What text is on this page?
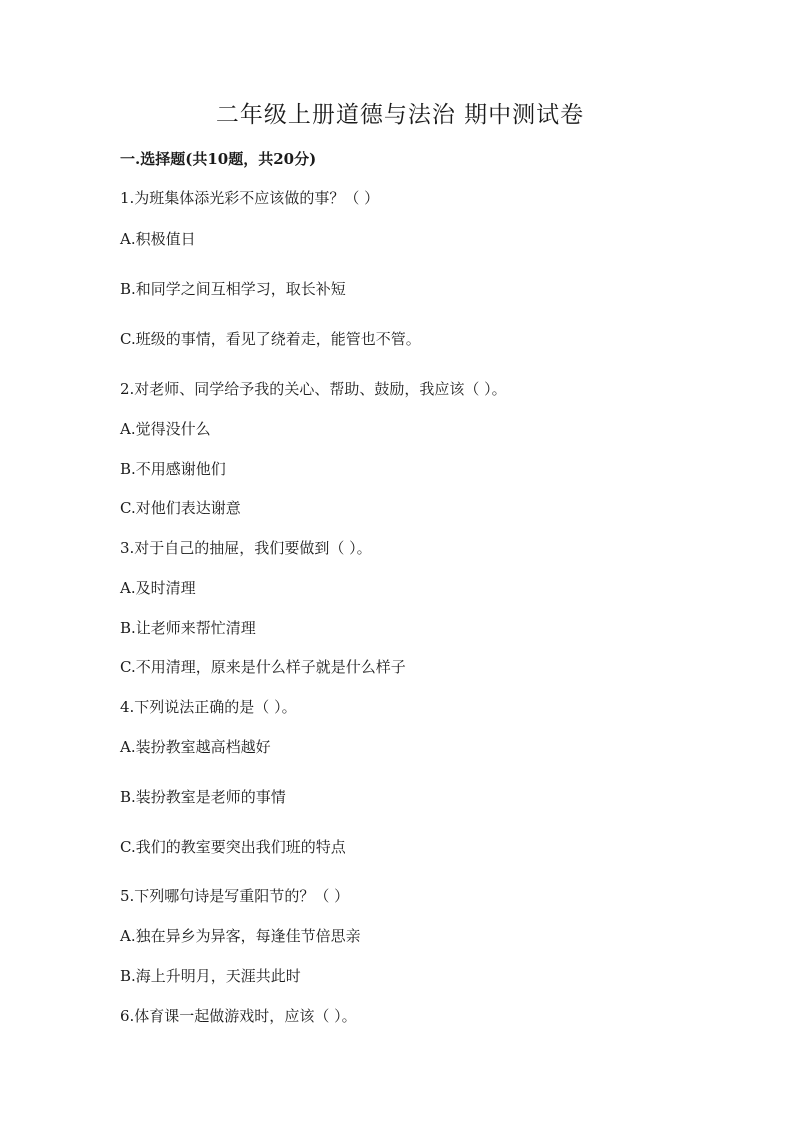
二年级上册道德与法治 期中测试卷
一.选择题(共10题，共20分)
1.为班集体添光彩不应该做的事？（ ）
A.积极值日
B.和同学之间互相学习，取长补短
C.班级的事情，看见了绕着走，能管也不管。
2.对老师、同学给予我的关心、帮助、鼓励，我应该（ ）。
A.觉得没什么
B.不用感谢他们
C.对他们表达谢意
3.对于自己的抽屉，我们要做到（ ）。
A.及时清理
B.让老师来帮忙清理
C.不用清理，原来是什么样子就是什么样子
4.下列说法正确的是（ ）。
A.装扮教室越高档越好
B.装扮教室是老师的事情
C.我们的教室要突出我们班的特点
5.下列哪句诗是写重阳节的？（ ）
A.独在异乡为异客，每逢佳节倍思亲
B.海上升明月，天涯共此时
6.体育课一起做游戏时，应该（ ）。
